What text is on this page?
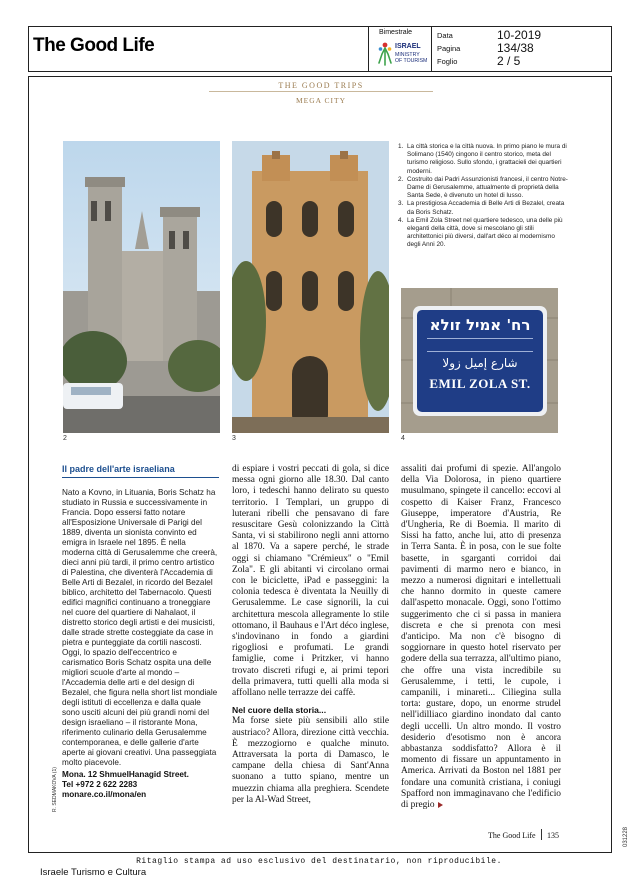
The Good Life
Bimestrale
ISRAEL
MINISTRY
OF TOURISM
Data	10-2019
Pagina	134/38
Foglio	2 / 5
THE GOOD TRIPS
MEGA CITY
2	3
רח' אמיל זולא
شارع إميل زولا
EMIL ZOLA ST.
4
1. La città storica e la città nuova. In primo piano le mura di Solimano (1540) cingono il centro storico, meta del turismo religioso. Sullo sfondo, i grattacieli dei quartieri moderni.
2. Costruito dai Padri Assunzionisti francesi, il centro Notre-Dame di Gerusalemme, attualmente di proprietà della Santa Sede, è divenuto un hotel di lusso.
3. La prestigiosa Accademia di Belle Arti di Bezalel, creata da Boris Schatz.
4. La Emil Zola Street nel quartiere tedesco, una delle più eleganti della città, dove si mescolano gli stili architettonici più diversi, dall'art déco al modernismo degli Anni 20.
Il padre dell'arte israeliana
Nato a Kovno, in Lituania, Boris Schatz ha studiato in Russia e successivamente in Francia. Dopo essersi fatto notare all'Esposizione Universale di Parigi del 1889, diventa un sionista convinto ed emigra in Israele nel 1895. È nella moderna città di Gerusalemme che creerà, dieci anni più tardi, il primo centro artistico di Palestina, che diventerà l'Accademia di Belle Arti di Bezalel, in ricordo del Bezalel biblico, architetto del Tabernacolo. Questi edifici magnifici continuano a troneggiare nel cuore del quartiere di Nahalaot, il distretto storico degli artisti e dei musicisti, dalle strade strette costeggiate da case in pietra e punteggiate da cortili nascosti. Oggi, lo spazio dell'eccentrico e carismatico Boris Schatz ospita una delle migliori scuole d'arte al mondo – l'Accademia delle arti e del design di Bezalel, che figura nella short list mondiale degli istituti di eccellenza e dalla quale sono usciti alcuni dei più grandi nomi del design israeliano – il ristorante Mona, riferimento culinario della Gerusalemme contemporanea, e delle gallerie d'arte aperte ai giovani creativi. Una passeggiata molto piacevole.
Mona. 12 ShmuelHanagid Street.
Tel +972 2 622 2283
monare.co.il/mona/en

di espiare i vostri peccati di gola, si dice messa ogni giorno alle 18.30. Dal canto loro, i tedeschi hanno delirato su questo territorio. I Templari, un gruppo di luterani ribelli che pensavano di fare resuscitare Gesù colonizzando la Città Santa, vi si stabilirono negli anni attorno al 1870. Va a sapere perché, le strade oggi si chiamano "Crémieux" o "Emil Zola". E gli abitanti vi circolano ormai con le biciclette, iPad e passeggini: la colonia tedesca è diventata la Neuilly di Gerusalemme. Le case signorili, la cui architettura mescola allegramente lo stile ottomano, il Bauhaus e l'Art déco inglese, s'indovinano in fondo a giardini rigogliosi e profumati. Le grandi famiglie, come i Pritzker, vi hanno trovato discreti rifugi e, ai primi tepori della primavera, tutti quelli alla moda si affollano nelle terrazze dei caffè.

Nel cuore della storia...

Ma forse siete più sensibili allo stile austriaco? Allora, direzione città vecchia. È mezzogiorno e qualche minuto. Attraversata la porta di Damasco, le campane della chiesa di Sant'Anna suonano a tutto spiano, mentre un muezzin chiama alla preghiera. Scendete per la Al-Wad Street,

assaliti dai profumi di spezie. All'angolo della Via Dolorosa, in pieno quartiere musulmano, spingete il cancello: eccovi al cospetto di Kaiser Franz, Francesco Giuseppe, imperatore d'Austria, Re d'Ungheria, Re di Boemia. Il marito di Sissi ha fatto, anche lui, atto di presenza in Terra Santa. È in posa, con le sue folte basette, in sgarganti corridoi dai pavimenti di marmo nero e bianco, in mezzo a numerosi dignitari e intellettuali che hanno dormito in queste camere dall'aspetto monacale. Oggi, sono l'ottimo suggerimento che ci si passa in maniera discreta e che si prenota con mesi d'anticipo. Ma non c'è bisogno di soggiornare in questo hotel riservato per godere della sua terrazza, all'ultimo piano, che offre una vista incredibile su Gerusalemme, i tetti, le cupole, i campanili, i minareti... Ciliegina sulla torta: gustare, dopo, un enorme strudel nell'idilliaco giardino inondato dal canto degli uccelli. Un altro mondo. Il vostro desiderio d'esotismo non è ancora abbastanza soddisfatto? Allora è il momento di fissare un appuntamento in America. Arrivati da Boston nel 1881 per fondare una comunità cristiana, i coniugi Spafford non immaginavano che l'edificio di pregio

R. SEDMAKOVA (1)
031228
The Good Life 135
Ritaglio stampa ad uso esclusivo del destinatario, non riproducibile.
Israele Turismo e Cultura
